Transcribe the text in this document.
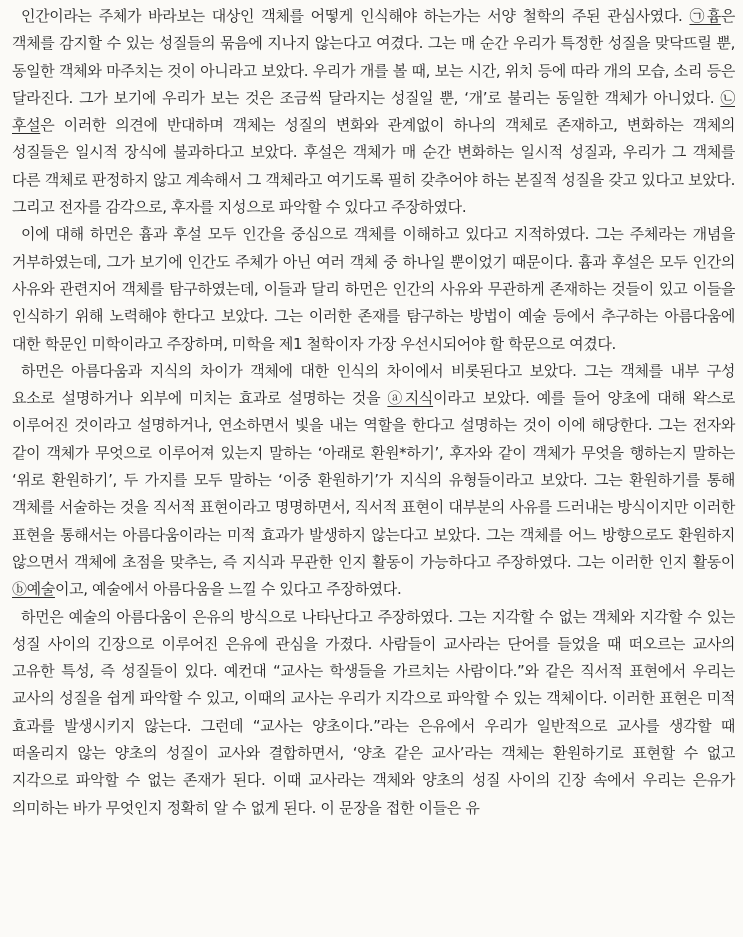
인간이라는 주체가 바라보는 대상인 객체를 어떻게 인식해야 하는가는 서양 철학의 주된 관심사였다. ㉠흄은 객체를 감지할 수 있는 성질들의 묶음에 지나지 않는다고 여겼다. 그는 매 순간 우리가 특정한 성질을 맞닥뜨릴 뿐, 동일한 객체와 마주치는 것이 아니라고 보았다. 우리가 개를 볼 때, 보는 시간, 위치 등에 따라 개의 모습, 소리 등은 달라진다. 그가 보기에 우리가 보는 것은 조금씩 달라지는 성질일 뿐, ‘개’로 불리는 동일한 객체가 아니었다. ㉡후설은 이러한 의견에 반대하며 객체는 성질의 변화와 관계없이 하나의 객체로 존재하고, 변화하는 객체의 성질들은 일시적 장식에 불과하다고 보았다. 후설은 객체가 매 순간 변화하는 일시적 성질과, 우리가 그 객체를 다른 객체로 판정하지 않고 계속해서 그 객체라고 여기도록 필히 갖추어야 하는 본질적 성질을 갖고 있다고 보았다. 그리고 전자를 감각으로, 후자를 지성으로 파악할 수 있다고 주장하였다.

이에 대해 하먼은 흄과 후설 모두 인간을 중심으로 객체를 이해하고 있다고 지적하였다. 그는 주체라는 개념을 거부하였는데, 그가 보기에 인간도 주체가 아닌 여러 객체 중 하나일 뿐이었기 때문이다. 흄과 후설은 모두 인간의 사유와 관련지어 객체를 탐구하였는데, 이들과 달리 하먼은 인간의 사유와 무관하게 존재하는 것들이 있고 이들을 인식하기 위해 노력해야 한다고 보았다. 그는 이러한 존재를 탐구하는 방법이 예술 등에서 추구하는 아름다움에 대한 학문인 미학이라고 주장하며, 미학을 제1 철학이자 가장 우선시되어야 할 학문으로 여겼다.

하먼은 아름다움과 지식의 차이가 객체에 대한 인식의 차이에서 비롯된다고 보았다. 그는 객체를 내부 구성 요소로 설명하거나 외부에 미치는 효과로 설명하는 것을 ⓐ지식이라고 보았다. 예를 들어 양초에 대해 왁스로 이루어진 것이라고 설명하거나, 연소하면서 빛을 내는 역할을 한다고 설명하는 것이 이에 해당한다. 그는 전자와 같이 객체가 무엇으로 이루어져 있는지 말하는 ‘아래로 환원*하기’, 후자와 같이 객체가 무엇을 행하는지 말하는 ‘위로 환원하기’, 두 가지를 모두 말하는 ‘이중 환원하기’가 지식의 유형들이라고 보았다. 그는 환원하기를 통해 객체를 서술하는 것을 직서적 표현이라고 명명하면서, 직서적 표현이 대부분의 사유를 드러내는 방식이지만 이러한 표현을 통해서는 아름다움이라는 미적 효과가 발생하지 않는다고 보았다. 그는 객체를 어느 방향으로도 환원하지 않으면서 객체에 초점을 맞추는, 즉 지식과 무관한 인지 활동이 가능하다고 주장하였다. 그는 이러한 인지 활동이 ⓑ예술이고, 예술에서 아름다움을 느낄 수 있다고 주장하였다.

하먼은 예술의 아름다움이 은유의 방식으로 나타난다고 주장하였다. 그는 지각할 수 없는 객체와 지각할 수 있는 성질 사이의 긴장으로 이루어진 은유에 관심을 가졌다. 사람들이 교사라는 단어를 들었을 때 떠오르는 교사의 고유한 특성, 즉 성질들이 있다. 예컨대 “교사는 학생들을 가르치는 사람이다.”와 같은 직서적 표현에서 우리는 교사의 성질을 쉽게 파악할 수 있고, 이때의 교사는 우리가 지각으로 파악할 수 있는 객체이다. 이러한 표현은 미적 효과를 발생시키지 않는다. 그런데 “교사는 양초이다.”라는 은유에서 우리가 일반적으로 교사를 생각할 때 떠올리지 않는 양초의 성질이 교사와 결합하면서, ‘양초 같은 교사’라는 객체는 환원하기로 표현할 수 없고 지각으로 파악할 수 없는 존재가 된다. 이때 교사라는 객체와 양초의 성질 사이의 긴장 속에서 우리는 은유가 의미하는 바가 무엇인지 정확히 알 수 없게 된다. 이 문장을 접한 이들은 유
